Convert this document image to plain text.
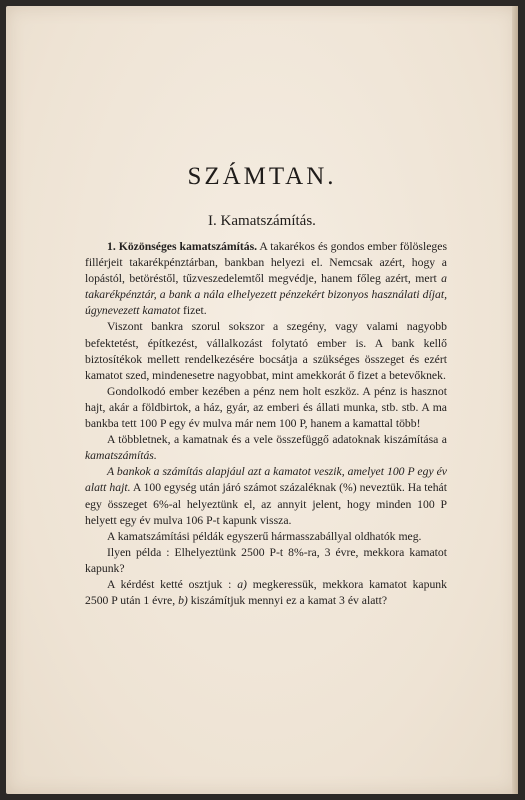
SZÁMTAN.
I. Kamatszámítás.

1. Közönséges kamatszámítás. A takarékos és gondos ember fölösleges fillérjeit takarékpénztárban, bankban helyezi el. Nemcsak azért, hogy a lopástól, betöréstől, tűzveszedelemtől megvédje, hanem főleg azért, mert a takarékpénztár, a bank a nála elhelyezett pénzekért bizonyos használati díjat, úgynevezett kamatot fizet.

Viszont bankra szorul sokszor a szegény, vagy valami nagyobb befektetést, építkezést, vállalkozást folytató ember is. A bank kellő biztosítékok mellett rendelkezésére bocsátja a szükséges összeget és ezért kamatot szed, mindenesetre nagyobbat, mint amekkorát ő fizet a betevőknek.

Gondolkodó ember kezében a pénz nem holt eszköz. A pénz is hasznot hajt, akár a földbirtok, a ház, gyár, az emberi és állati munka, stb. stb. A ma bankba tett 100 P egy év mulva már nem 100 P, hanem a kamattal több!

A többletnek, a kamatnak és a vele összefüggő adatoknak kiszámítása a kamatszámítás.

A bankok a számítás alapjául azt a kamatot veszik, amelyet 100 P egy év alatt hajt. A 100 egység után járó számot százaléknak (%) neveztük. Ha tehát egy összeget 6%-al helyeztünk el, az annyit jelent, hogy minden 100 P helyett egy év mulva 106 P-t kapunk vissza.

A kamatszámítási példák egyszerű hármasszabállyal oldhatók meg.

Ilyen példa : Elhelyeztünk 2500 P-t 8%-ra, 3 évre, mekkora kamatot kapunk?

A kérdést ketté osztjuk : a) megkeressük, mekkora kamatot kapunk 2500 P után 1 évre, b) kiszámítjuk mennyi ez a kamat 3 év alatt?
